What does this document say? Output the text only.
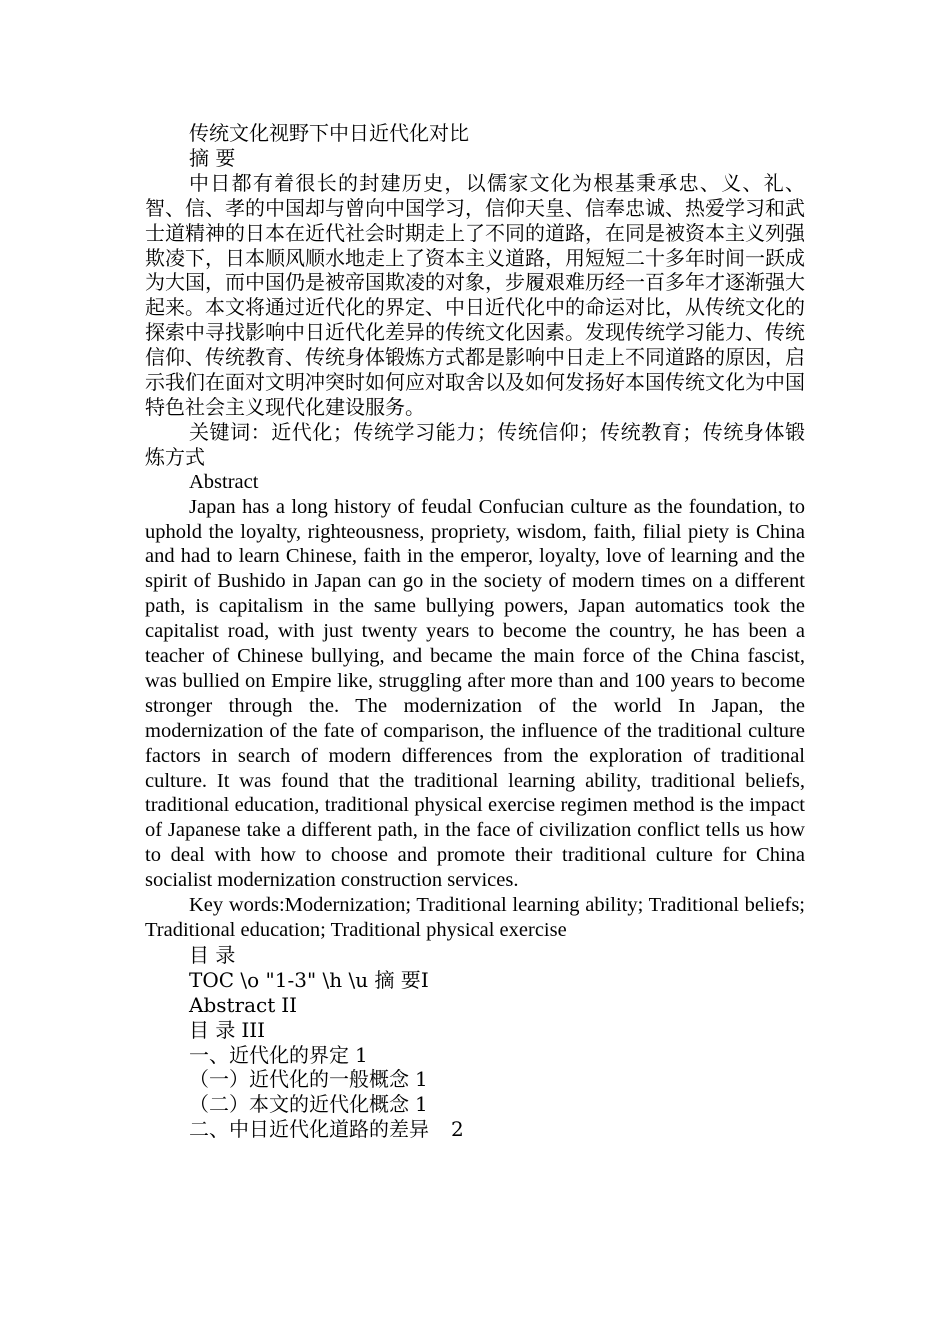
传统文化视野下中日近代化对比

摘 要

中日都有着很长的封建历史，以儒家文化为根基秉承忠、义、礼、智、信、孝的中国却与曾向中国学习，信仰天皇、信奉忠诚、热爱学习和武士道精神的日本在近代社会时期走上了不同的道路，在同是被资本主义列强欺凌下，日本顺风顺水地走上了资本主义道路，用短短二十多年时间一跃成为大国，而中国仍是被帝国欺凌的对象，步履艰难历经一百多年才逐渐强大起来。本文将通过近代化的界定、中日近代化中的命运对比，从传统文化的探索中寻找影响中日近代化差异的传统文化因素。发现传统学习能力、传统信仰、传统教育、传统身体锻炼方式都是影响中日走上不同道路的原因，启示我们在面对文明冲突时如何应对取舍以及如何发扬好本国传统文化为中国特色社会主义现代化建设服务。

关键词：近代化；传统学习能力；传统信仰；传统教育；传统身体锻炼方式

Abstract

Japan has a long history of feudal Confucian culture as the foundation, to uphold the loyalty, righteousness, propriety, wisdom, faith, filial piety is China and had to learn Chinese, faith in the emperor, loyalty, love of learning and the spirit of Bushido in Japan can go in the society of modern times on a different path, is capitalism in the same bullying powers, Japan automatics took the capitalist road, with just twenty years to become the country, he has been a teacher of Chinese bullying, and became the main force of the China fascist, was bullied on Empire like, struggling after more than and 100 years to become stronger through the. The modernization of the world In Japan, the modernization of the fate of comparison, the influence of the traditional culture factors in search of modern differences from the exploration of traditional culture. It was found that the traditional learning ability, traditional beliefs, traditional education, traditional physical exercise regimen method is the impact of Japanese take a different path, in the face of civilization conflict tells us how to deal with how to choose and promote their traditional culture for China socialist modernization construction services.

Key words:Modernization; Traditional learning ability; Traditional beliefs; Traditional education; Traditional physical exercise

目 录

TOC \o "1-3" \h \u 摘 要I

Abstract II

目 录 III

一、近代化的界定 1

（一）近代化的一般概念 1

（二）本文的近代化概念 1

二、中日近代化道路的差异 2
